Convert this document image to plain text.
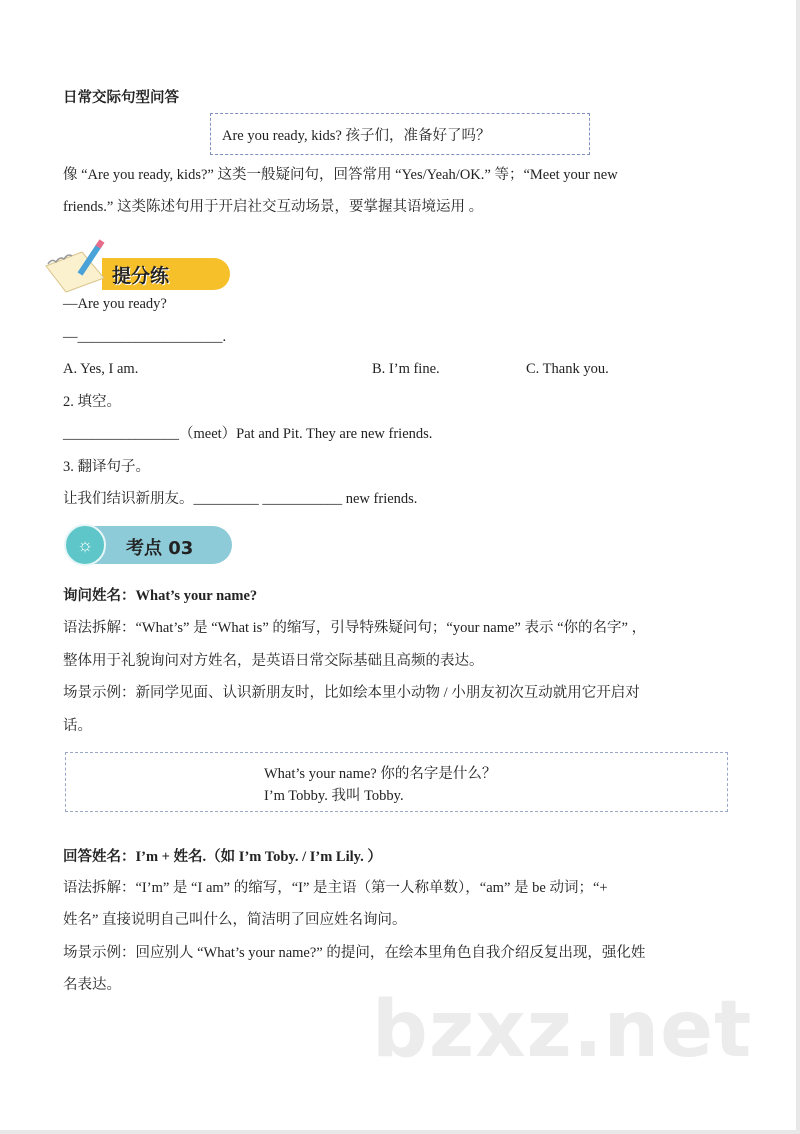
日常交际句型问答
Are you ready, kids? 孩子们，准备好了吗？
像 “Are you ready, kids?” 这类一般疑问句，回答常用 “Yes/Yeah/OK.” 等；“Meet your new
friends.” 这类陈述句用于开启社交互动场景，要掌握其语境运用 。
提分练
—Are you ready?
—____________________.
A. Yes, I am.	B. I’m fine.	C. Thank you.
2. 填空。
________________（meet）Pat and Pit. They are new friends.
3. 翻译句子。
让我们结识新朋友。_________ ___________ new friends.
☼	考点 03
询问姓名：What’s your name?
语法拆解：“What’s” 是 “What is” 的缩写，引导特殊疑问句；“your name” 表示 “你的名字” ，
整体用于礼貌询问对方姓名，是英语日常交际基础且高频的表达。
场景示例：新同学见面、认识新朋友时，比如绘本里小动物 / 小朋友初次互动就用它开启对
话。
What’s your name? 你的名字是什么？
I’m Tobby. 我叫 Tobby.
回答姓名：I’m + 姓名.（如 I’m Toby. / I’m Lily. ）
语法拆解：“I’m” 是 “I am” 的缩写，“I” 是主语（第一人称单数），“am” 是 be 动词；“+
姓名” 直接说明自己叫什么，简洁明了回应姓名询问。
场景示例：回应别人 “What’s your name?” 的提问，在绘本里角色自我介绍反复出现，强化姓
名表达。	bzxz.net
